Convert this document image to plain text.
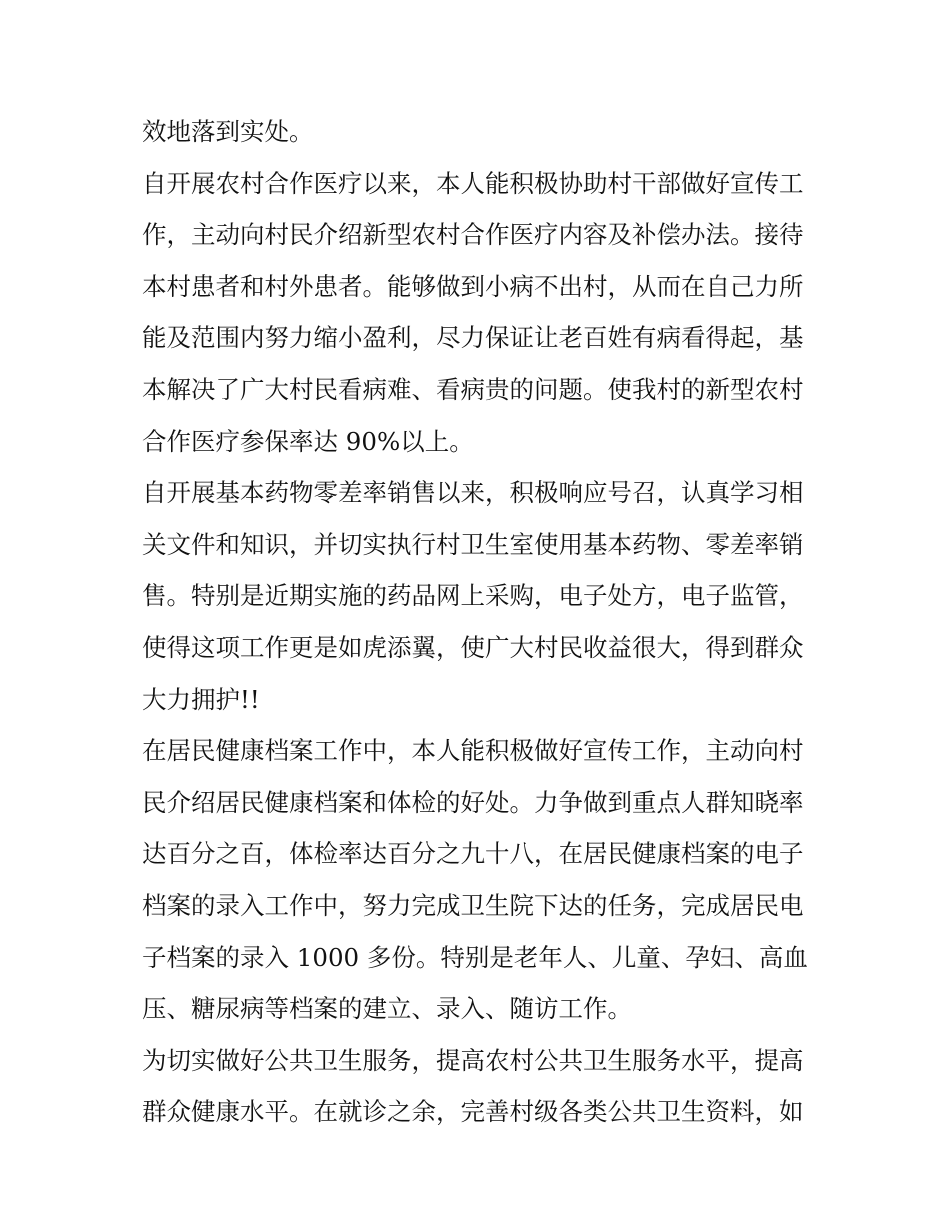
效地落到实处。
自开展农村合作医疗以来，本人能积极协助村干部做好宣传工
作，主动向村民介绍新型农村合作医疗内容及补偿办法。接待
本村患者和村外患者。能够做到小病不出村，从而在自己力所
能及范围内努力缩小盈利，尽力保证让老百姓有病看得起，基
本解决了广大村民看病难、看病贵的问题。使我村的新型农村
合作医疗参保率达 90%以上。
自开展基本药物零差率销售以来，积极响应号召，认真学习相
关文件和知识，并切实执行村卫生室使用基本药物、零差率销
售。特别是近期实施的药品网上采购，电子处方，电子监管，
使得这项工作更是如虎添翼，使广大村民收益很大，得到群众
大力拥护!!
在居民健康档案工作中，本人能积极做好宣传工作，主动向村
民介绍居民健康档案和体检的好处。力争做到重点人群知晓率
达百分之百，体检率达百分之九十八，在居民健康档案的电子
档案的录入工作中，努力完成卫生院下达的任务，完成居民电
子档案的录入 1000 多份。特别是老年人、儿童、孕妇、高血
压、糖尿病等档案的建立、录入、随访工作。
为切实做好公共卫生服务，提高农村公共卫生服务水平，提高
群众健康水平。在就诊之余，完善村级各类公共卫生资料，如
